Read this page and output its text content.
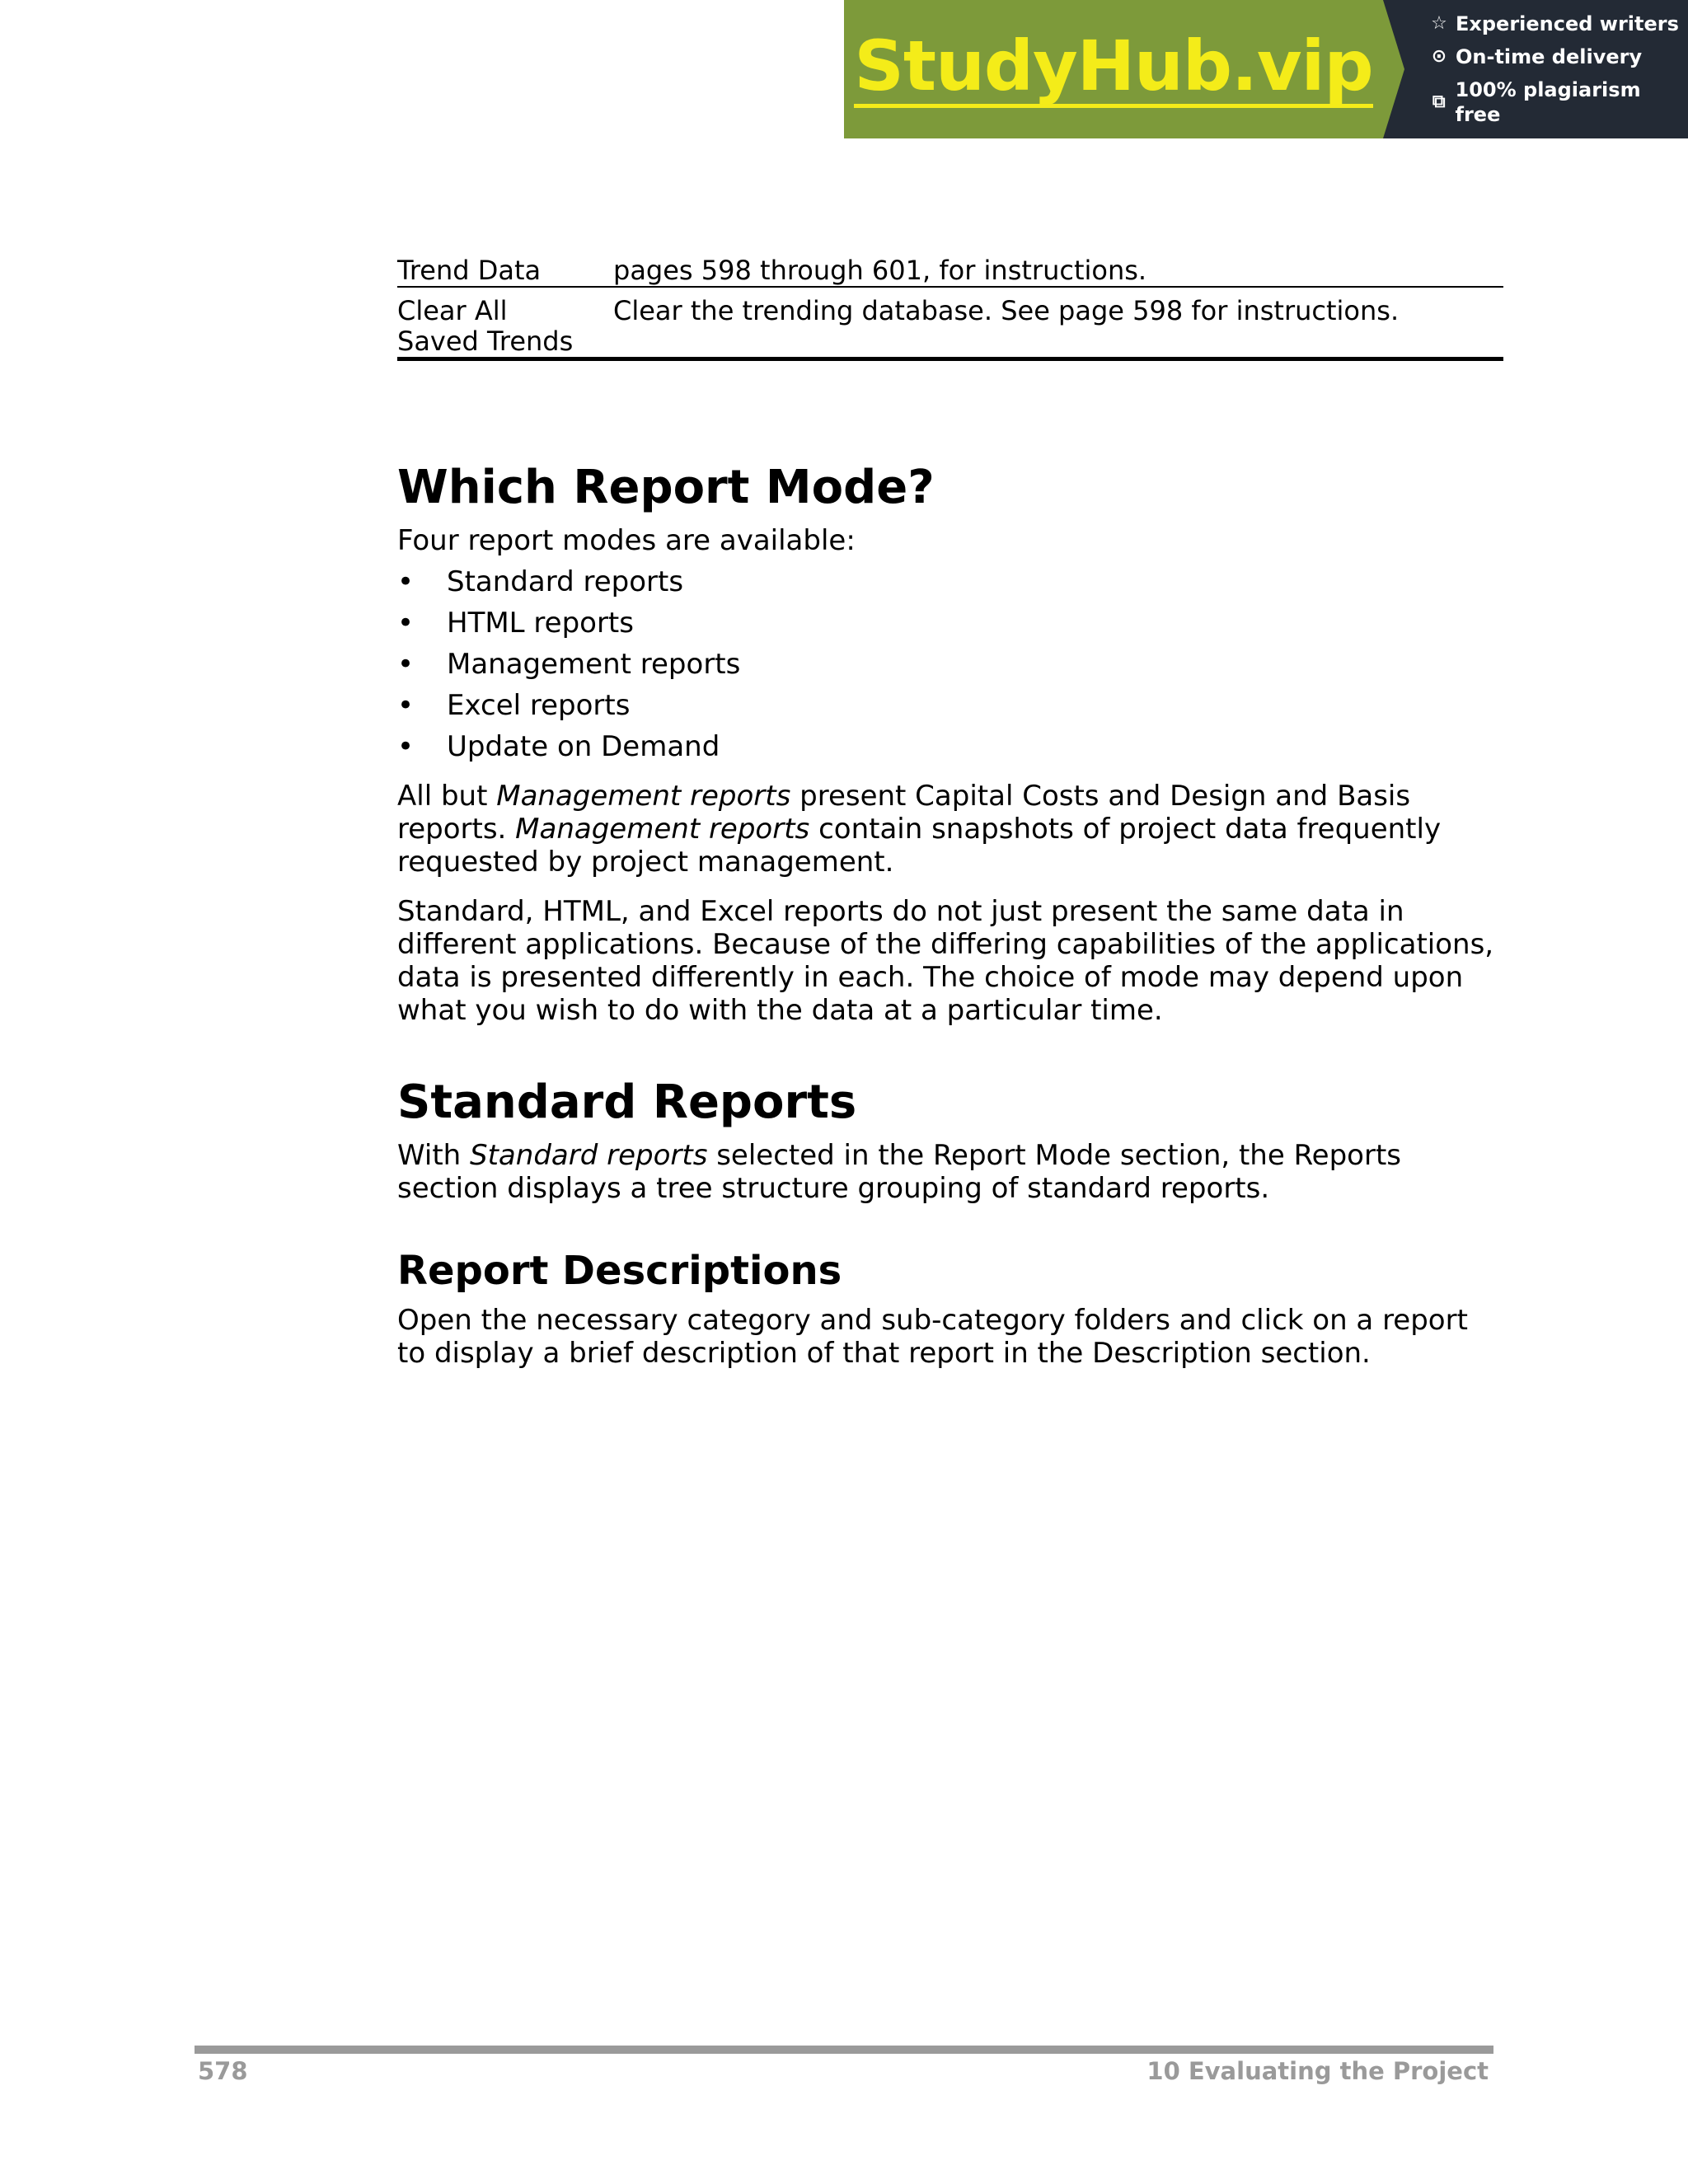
StudyHub.vip
☆ Experienced writers
⊙ On-time delivery
⧉
100% plagiarism free
Trend Data	pages 598 through 601, for instructions.

Clear All
Saved Trends	Clear the trending database. See page 598 for instructions.
Which Report Mode?

Four report modes are available:

• Standard reports
• HTML reports
• Management reports
• Excel reports
• Update on Demand

All but Management reports present Capital Costs and Design and Basis reports. Management reports contain snapshots of project data frequently requested by project management.

Standard, HTML, and Excel reports do not just present the same data in different applications. Because of the differing capabilities of the applications, data is presented differently in each. The choice of mode may depend upon what you wish to do with the data at a particular time.

Standard Reports

With Standard reports selected in the Report Mode section, the Reports section displays a tree structure grouping of standard reports.

Report Descriptions

Open the necessary category and sub-category folders and click on a report to display a brief description of that report in the Description section.

578	10 Evaluating the Project
